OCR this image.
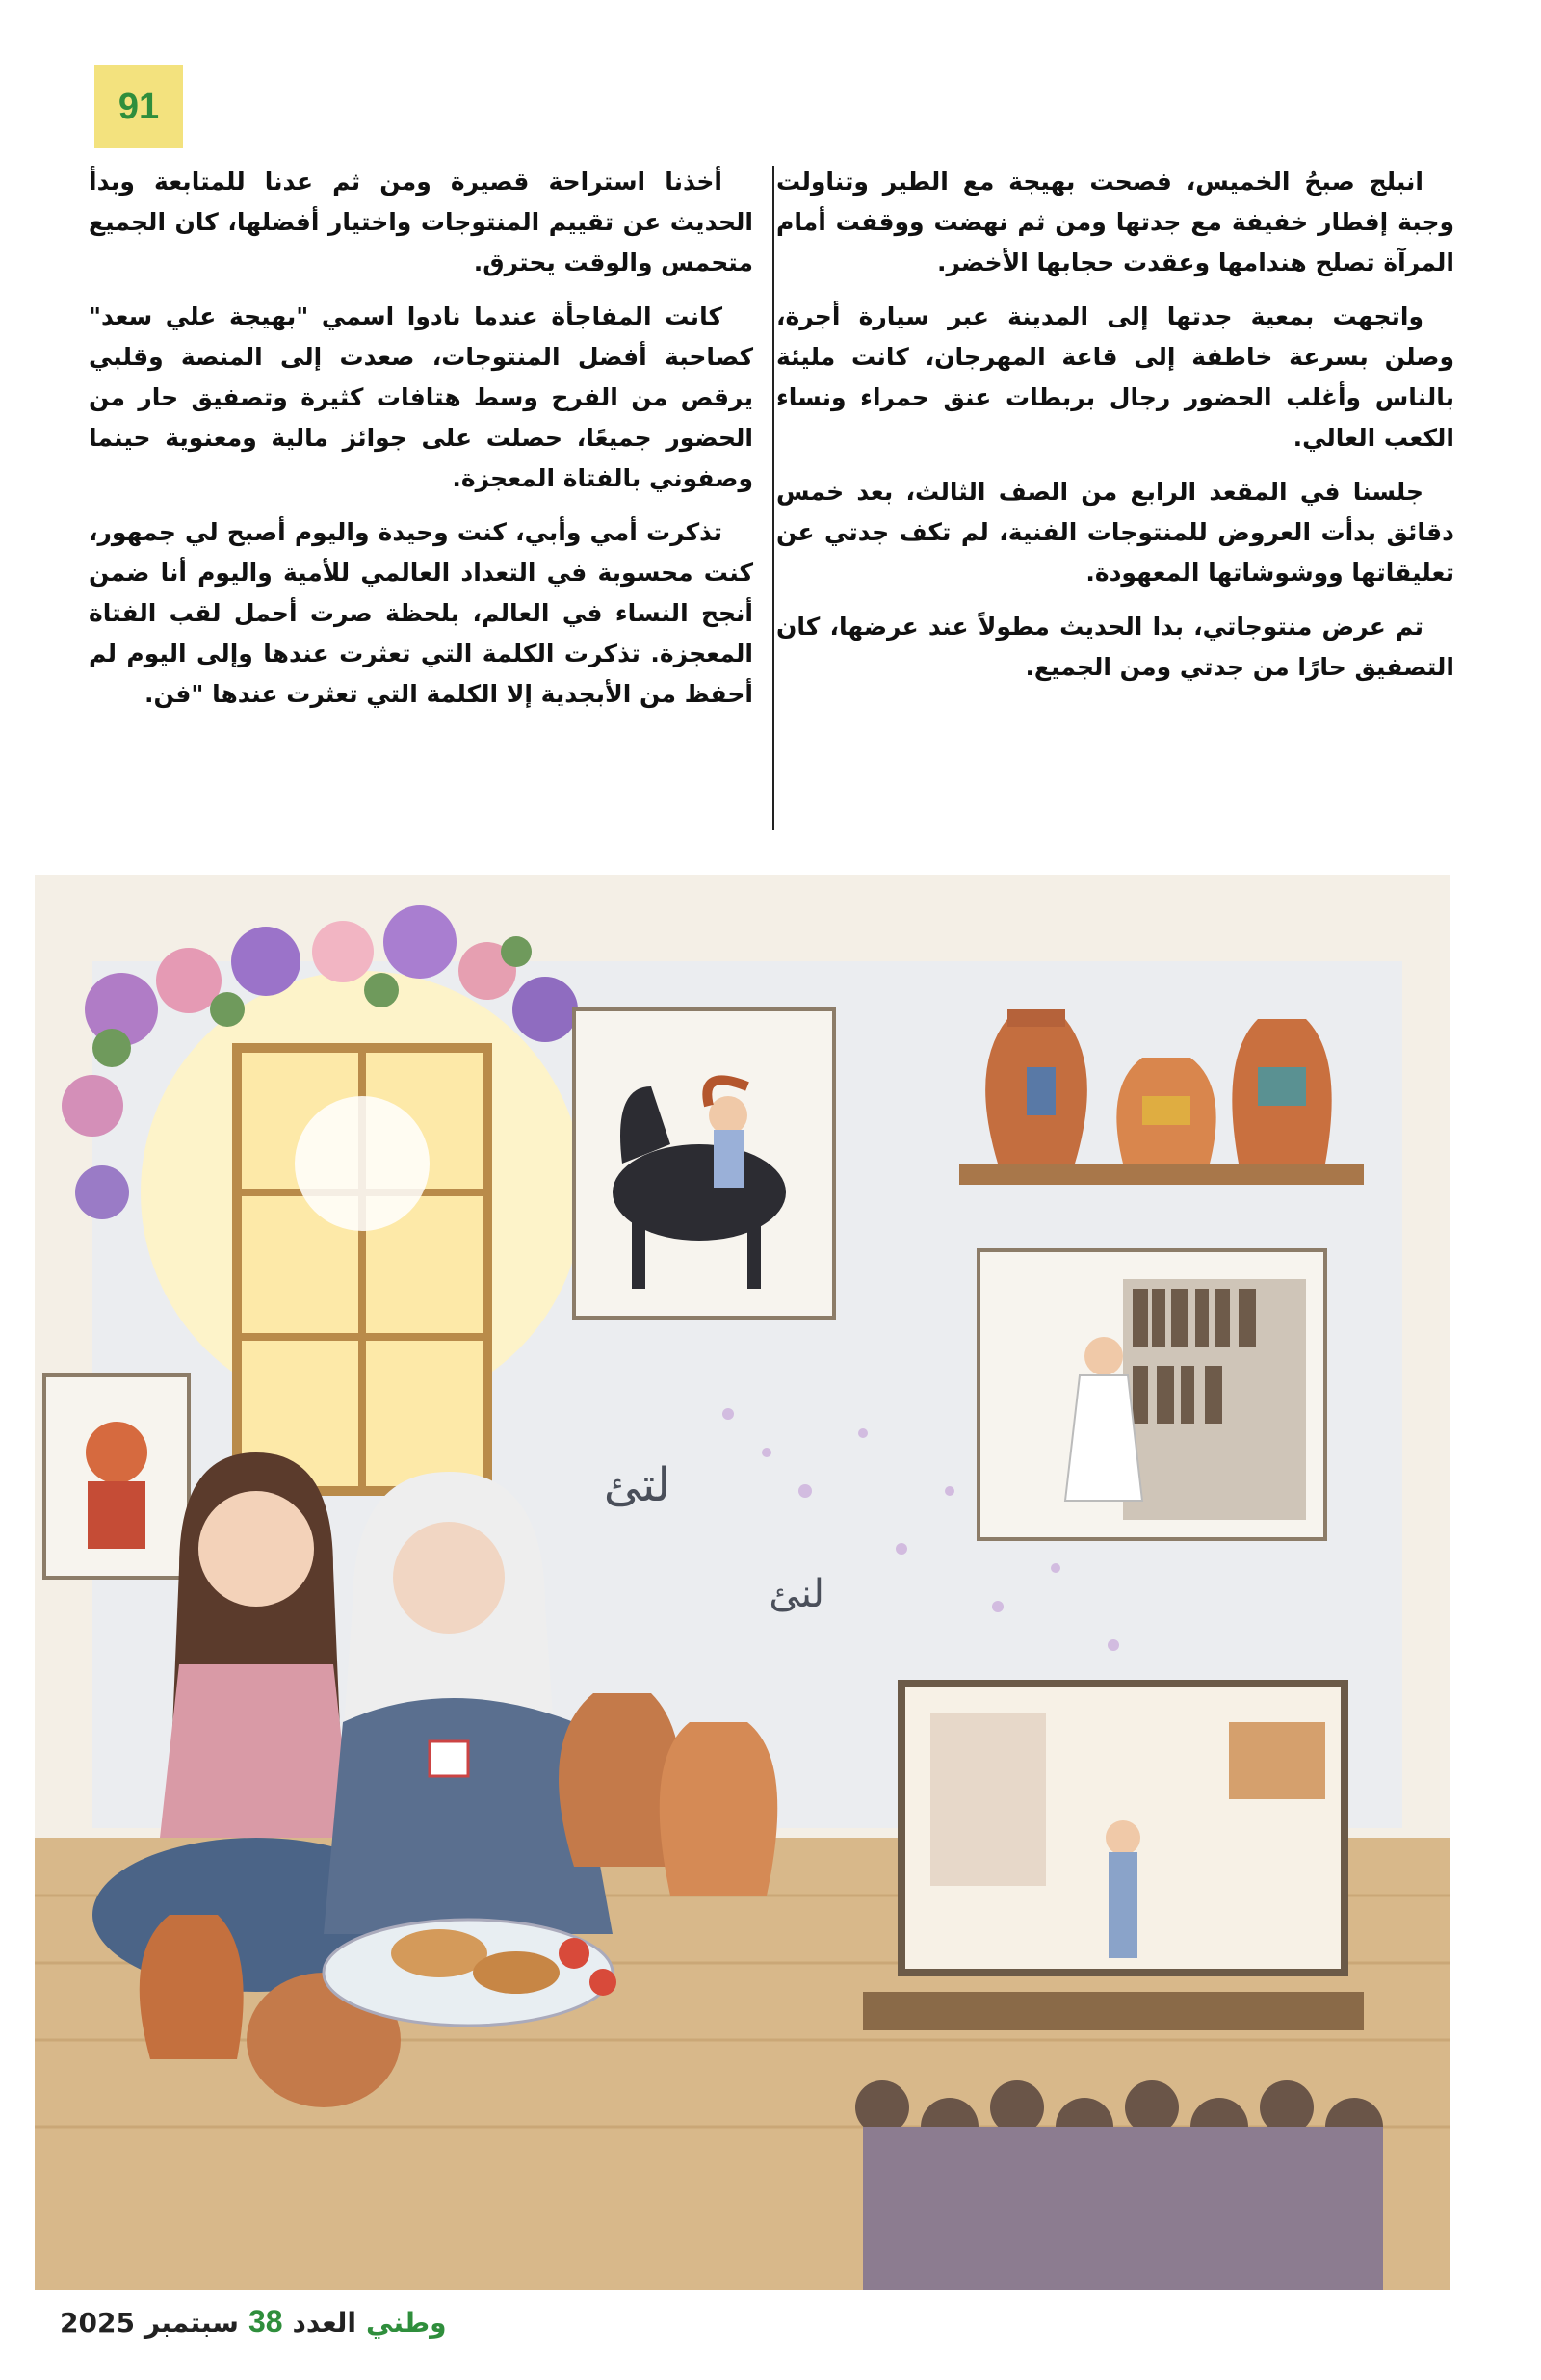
91

انبلج صبحُ الخميس، فصحت بهيجة مع الطير وتناولت وجبة إفطار خفيفة مع جدتها ومن ثم نهضت ووقفت أمام المرآة تصلح هندامها وعقدت حجابها الأخضر.

واتجهت بمعية جدتها إلى المدينة عبر سيارة أجرة، وصلن بسرعة خاطفة إلى قاعة المهرجان، كانت مليئة بالناس وأغلب الحضور رجال بربطات عنق حمراء ونساء الكعب العالي.

جلسنا في المقعد الرابع من الصف الثالث، بعد خمس دقائق بدأت العروض للمنتوجات الفنية، لم تكف جدتي عن تعليقاتها ووشوشاتها المعهودة.

تم عرض منتوجاتي، بدا الحديث مطولاً عند عرضها، كان التصفيق حارًا من جدتي ومن الجميع.

أخذنا استراحة قصيرة ومن ثم عدنا للمتابعة وبدأ الحديث عن تقييم المنتوجات واختيار أفضلها، كان الجميع متحمس والوقت يحترق.

كانت المفاجأة عندما نادوا اسمي "بهيجة علي سعد" كصاحبة أفضل المنتوجات، صعدت إلى المنصة وقلبي يرقص من الفرح وسط هتافات كثيرة وتصفيق حار من الحضور جميعًا، حصلت على جوائز مالية ومعنوية حينما وصفوني بالفتاة المعجزة.

تذكرت أمي وأبي، كنت وحيدة واليوم أصبح لي جمهور، كنت محسوبة في التعداد العالمي للأمية واليوم أنا ضمن أنجح النساء في العالم، بلحظة صرت أحمل لقب الفتاة المعجزة. تذكرت الكلمة التي تعثرت عندها وإلى اليوم لم أحفظ من الأبجدية إلا الكلمة التي تعثرت عندها "فن.

لتئ
لنئ
2025 سبتمبر 38 العدد وطني
